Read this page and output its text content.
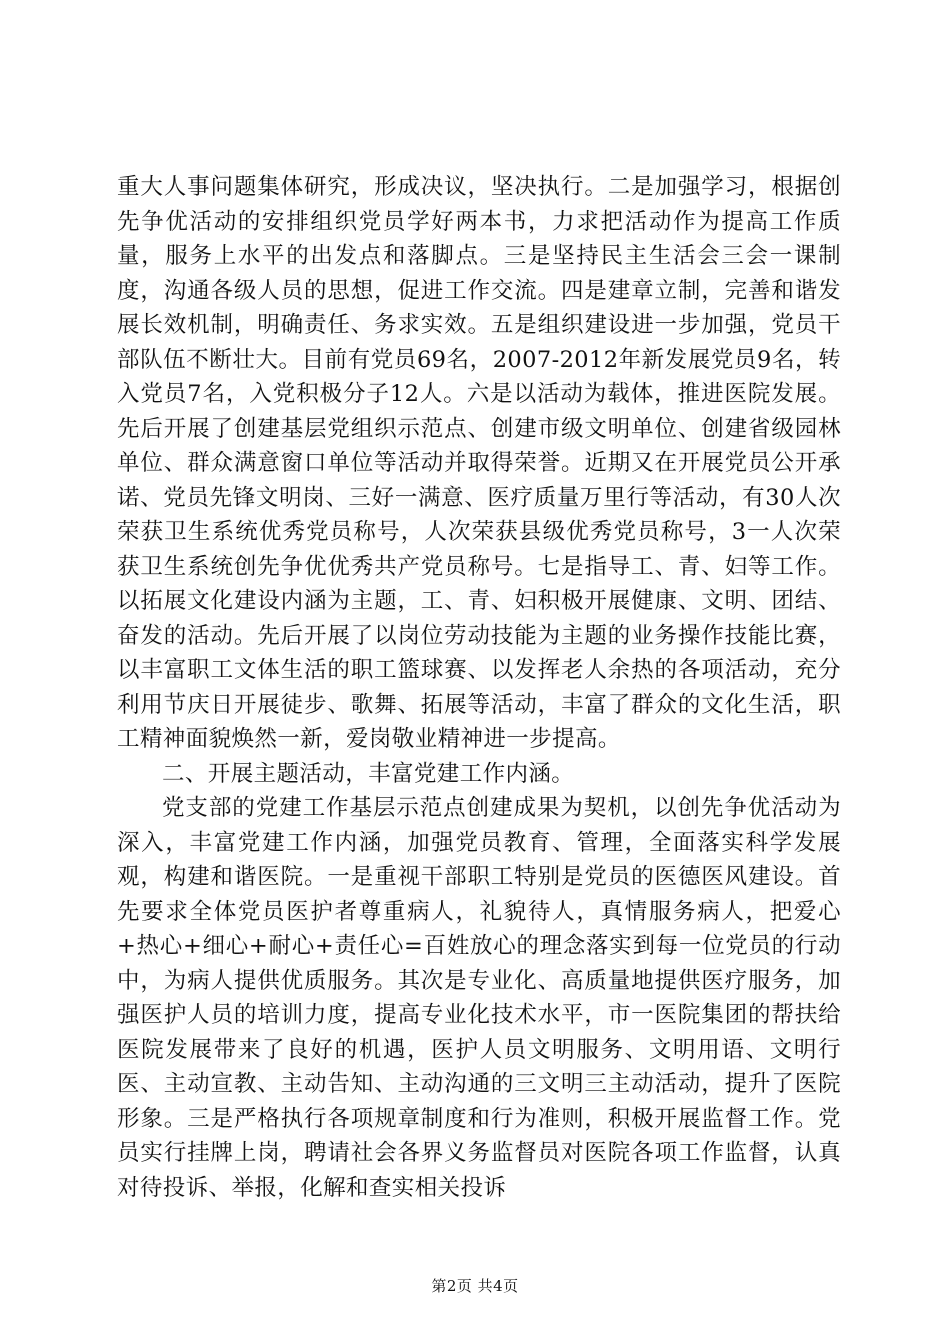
重大人事问题集体研究，形成决议，坚决执行。二是加强学习，根据创先争优活动的安排组织党员学好两本书，力求把活动作为提高工作质量，服务上水平的出发点和落脚点。三是坚持民主生活会三会一课制度，沟通各级人员的思想，促进工作交流。四是建章立制，完善和谐发展长效机制，明确责任、务求实效。五是组织建设进一步加强，党员干部队伍不断壮大。目前有党员69名，2007-2012年新发展党员9名，转入党员7名，入党积极分子12人。六是以活动为载体，推进医院发展。先后开展了创建基层党组织示范点、创建市级文明单位、创建省级园林单位、群众满意窗口单位等活动并取得荣誉。近期又在开展党员公开承诺、党员先锋文明岗、三好一满意、医疗质量万里行等活动，有30人次荣获卫生系统优秀党员称号，人次荣获县级优秀党员称号，3一人次荣获卫生系统创先争优优秀共产党员称号。七是指导工、青、妇等工作。以拓展文化建设内涵为主题，工、青、妇积极开展健康、文明、团结、奋发的活动。先后开展了以岗位劳动技能为主题的业务操作技能比赛，以丰富职工文体生活的职工篮球赛、以发挥老人余热的各项活动，充分利用节庆日开展徒步、歌舞、拓展等活动，丰富了群众的文化生活，职工精神面貌焕然一新，爱岗敬业精神进一步提高。

二、开展主题活动，丰富党建工作内涵。

党支部的党建工作基层示范点创建成果为契机，以创先争优活动为深入，丰富党建工作内涵，加强党员教育、管理，全面落实科学发展观，构建和谐医院。一是重视干部职工特别是党员的医德医风建设。首先要求全体党员医护者尊重病人，礼貌待人，真情服务病人，把爱心+热心+细心+耐心+责任心=百姓放心的理念落实到每一位党员的行动中，为病人提供优质服务。其次是专业化、高质量地提供医疗服务，加强医护人员的培训力度，提高专业化技术水平，市一医院集团的帮扶给医院发展带来了良好的机遇，医护人员文明服务、文明用语、文明行医、主动宣教、主动告知、主动沟通的三文明三主动活动，提升了医院形象。三是严格执行各项规章制度和行为准则，积极开展监督工作。党员实行挂牌上岗，聘请社会各界义务监督员对医院各项工作监督，认真对待投诉、举报，化解和查实相关投诉

第2页 共4页
